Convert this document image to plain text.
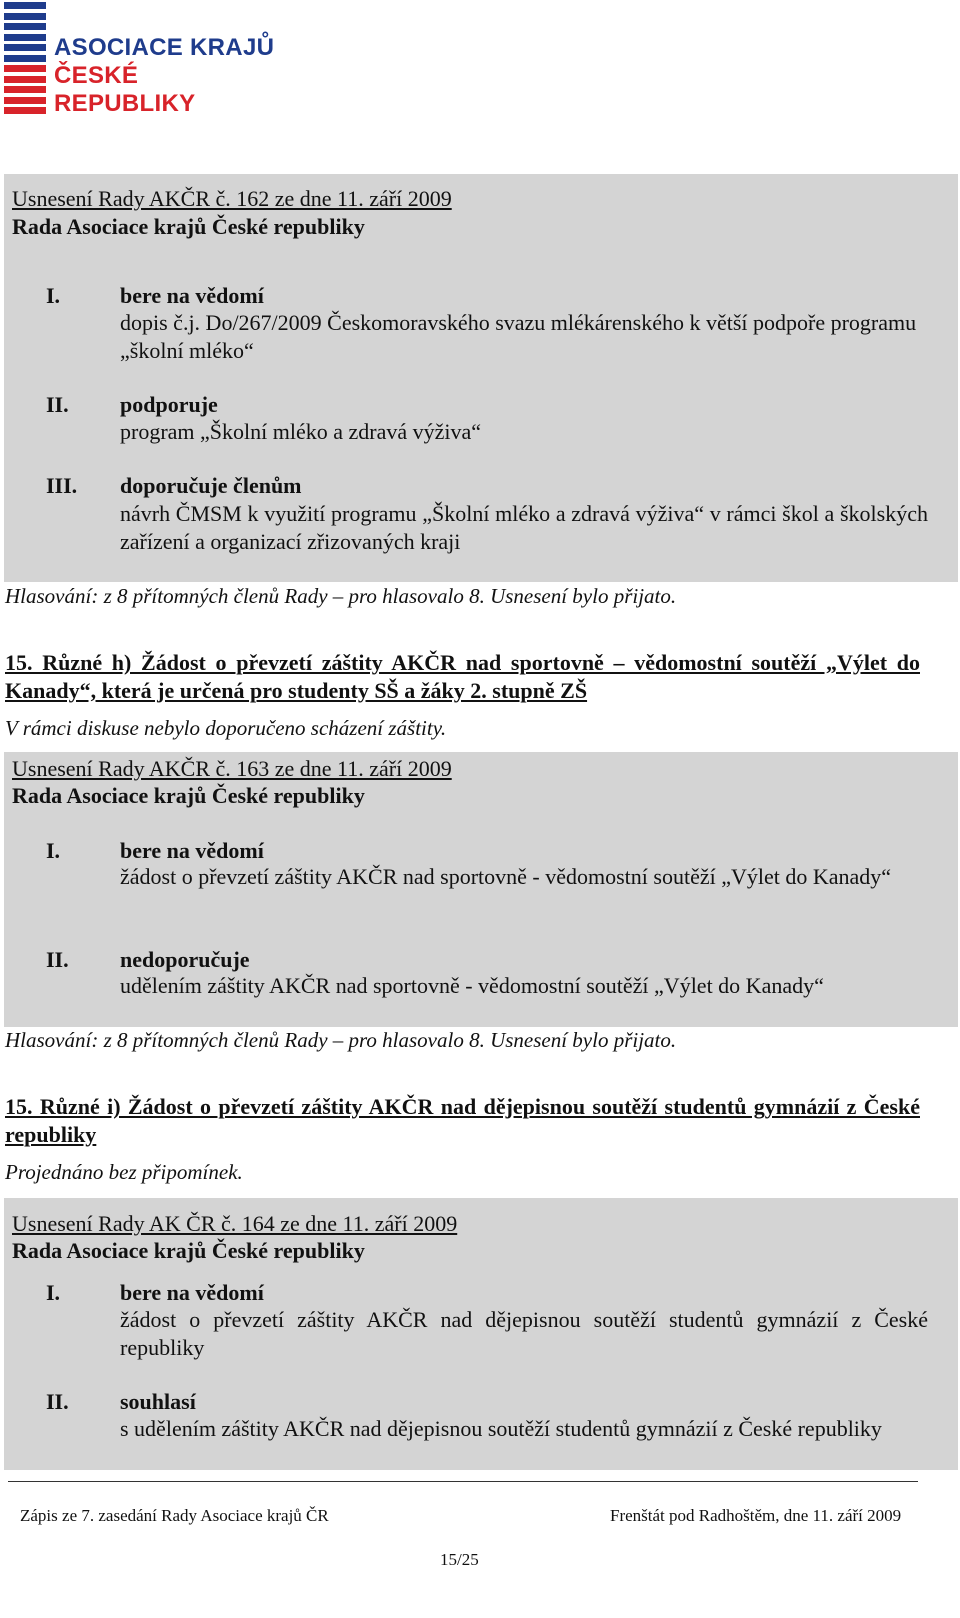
ASOCIACE KRAJŮ
ČESKÉ REPUBLIKY
Usnesení Rady AKČR č. 162 ze dne 11. září 2009
Rada Asociace krajů České republiky
I.	bere na vědomí
dopis č.j. Do/267/2009 Českomoravského svazu mlékárenského k větší podpoře programu „školní mléko“
II. podporuje
program „Školní mléko a zdravá výživa“
III. doporučuje členům
návrh ČMSM k využití programu „Školní mléko a zdravá výživa“ v rámci škol a školských zařízení a organizací zřizovaných kraji
Hlasování: z 8 přítomných členů Rady – pro hlasovalo 8. Usnesení bylo přijato.
15. Různé h) Žádost o převzetí záštity AKČR nad sportovně – vědomostní soutěží „Výlet do Kanady“, která je určená pro studenty SŠ a žáky 2. stupně ZŠ
V rámci diskuse nebylo doporučeno scházení záštity.
Usnesení Rady AKČR č. 163 ze dne 11. září 2009
Rada Asociace krajů České republiky
I.	bere na vědomí
žádost o převzetí záštity AKČR nad sportovně - vědomostní soutěží „Výlet do Kanady“
II. nedoporučuje
udělením záštity AKČR nad sportovně - vědomostní soutěží „Výlet do Kanady“
Hlasování: z 8 přítomných členů Rady – pro hlasovalo 8. Usnesení bylo přijato.
15. Různé i) Žádost o převzetí záštity AKČR nad dějepisnou soutěží studentů gymnázií z České republiky
Projednáno bez připomínek.
Usnesení Rady AK ČR č. 164 ze dne 11. září 2009
Rada Asociace krajů České republiky
I.	bere na vědomí
žádost o převzetí záštity AKČR nad dějepisnou soutěží studentů gymnázií z České republiky
II. souhlasí
s udělením záštity AKČR nad dějepisnou soutěží studentů gymnázií z České republiky
Zápis ze 7. zasedání Rady Asociace krajů ČR	Frenštát pod Radhoštěm, dne 11. září 2009
15/25
